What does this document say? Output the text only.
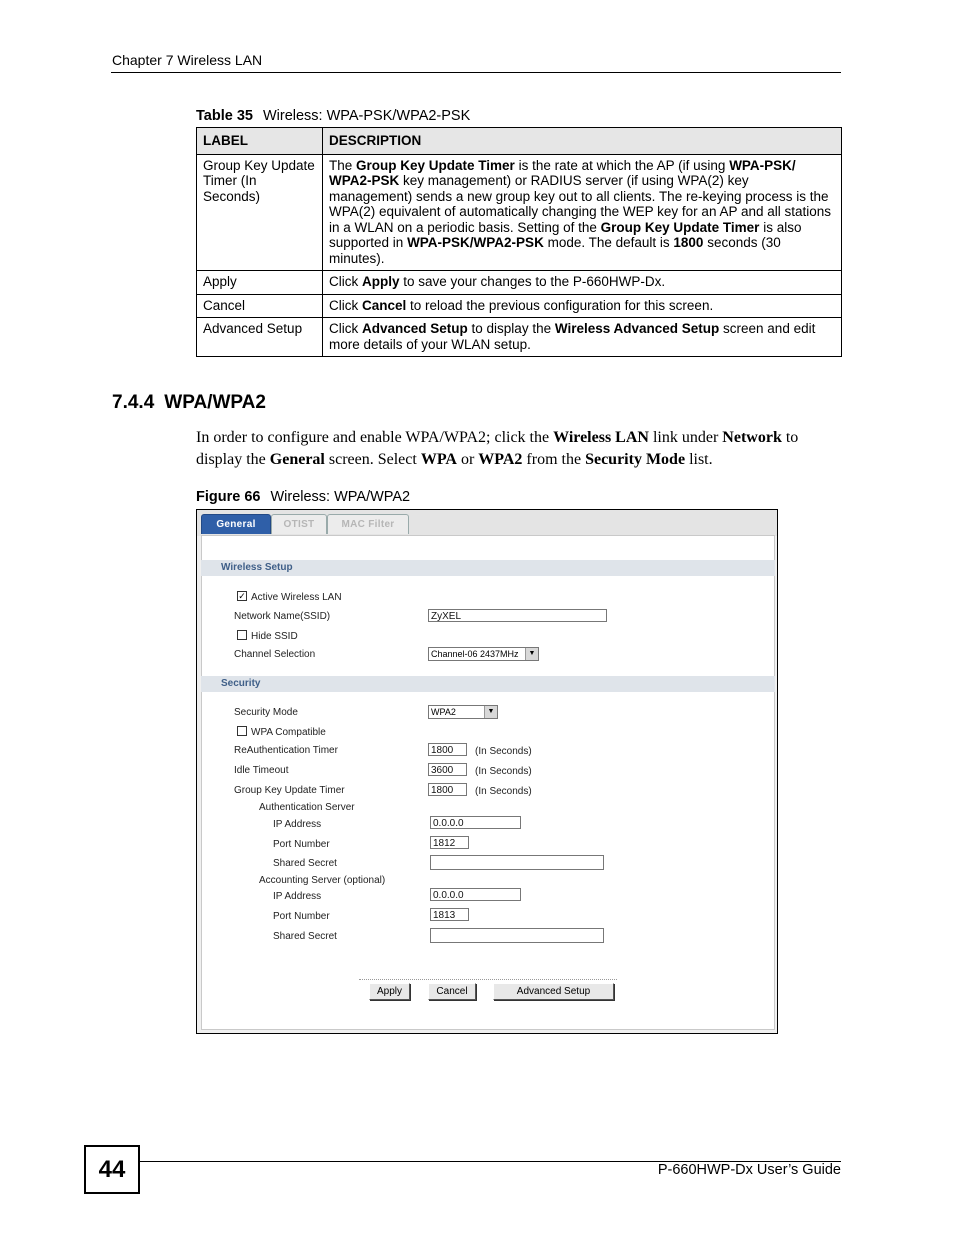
Chapter 7 Wireless LAN
Table 35 Wireless: WPA-PSK/WPA2-PSK
LABEL	DESCRIPTION
Group Key Update Timer (In Seconds)	The Group Key Update Timer is the rate at which the AP (if using WPA-PSK/ WPA2-PSK key management) or RADIUS server (if using WPA(2) key management) sends a new group key out to all clients. The re-keying process is the WPA(2) equivalent of automatically changing the WEP key for an AP and all stations in a WLAN on a periodic basis. Setting of the Group Key Update Timer is also supported in WPA-PSK/WPA2-PSK mode. The default is 1800 seconds (30 minutes).
Apply	Click Apply to save your changes to the P-660HWP-Dx.
Cancel	Click Cancel to reload the previous configuration for this screen.
Advanced Setup	Click Advanced Setup to display the Wireless Advanced Setup screen and edit more details of your WLAN setup.
7.4.4 WPA/WPA2
In order to configure and enable WPA/WPA2; click the Wireless LAN link under Network to display the General screen. Select WPA or WPA2 from the Security Mode list.
Figure 66 Wireless: WPA/WPA2
General	OTIST	MAC Filter
Wireless Setup
✓ Active Wireless LAN
Network Name(SSID)	ZyXEL
Hide SSID
Channel Selection	Channel-06 2437MHz	▼
Security
Security Mode	WPA2	▼
WPA Compatible
ReAuthentication Timer	1800	(In Seconds)
Idle Timeout	3600	(In Seconds)
Group Key Update Timer	1800	(In Seconds)
Authentication Server
IP Address	0.0.0.0
Port Number	1812
Shared Secret
Accounting Server (optional)
IP Address	0.0.0.0
Port Number	1813
Shared Secret
Apply	Cancel	Advanced Setup
44	P-660HWP-Dx User’s Guide
